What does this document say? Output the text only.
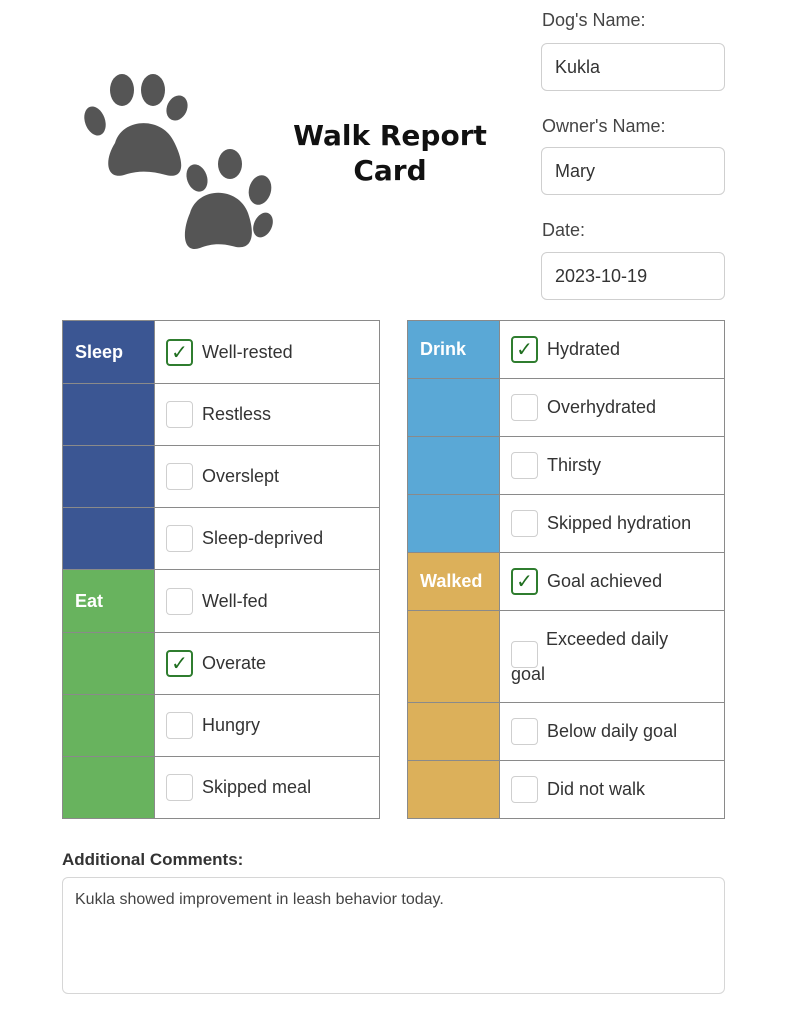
Walk Report
Card
Dog's Name:
Kukla
Owner's Name:
Mary
Date:
2023-10-19
Sleep	✓ Well-rested
Restless
Overslept
Sleep-deprived
Eat	Well-fed
✓ Overate
Hungry
Skipped meal
Drink	✓ Hydrated
Overhydrated
Thirsty
Skipped hydration
Walked	✓ Goal achieved
Exceeded daily
goal
Below daily goal
Did not walk
Additional Comments:
Kukla showed improvement in leash behavior today.
